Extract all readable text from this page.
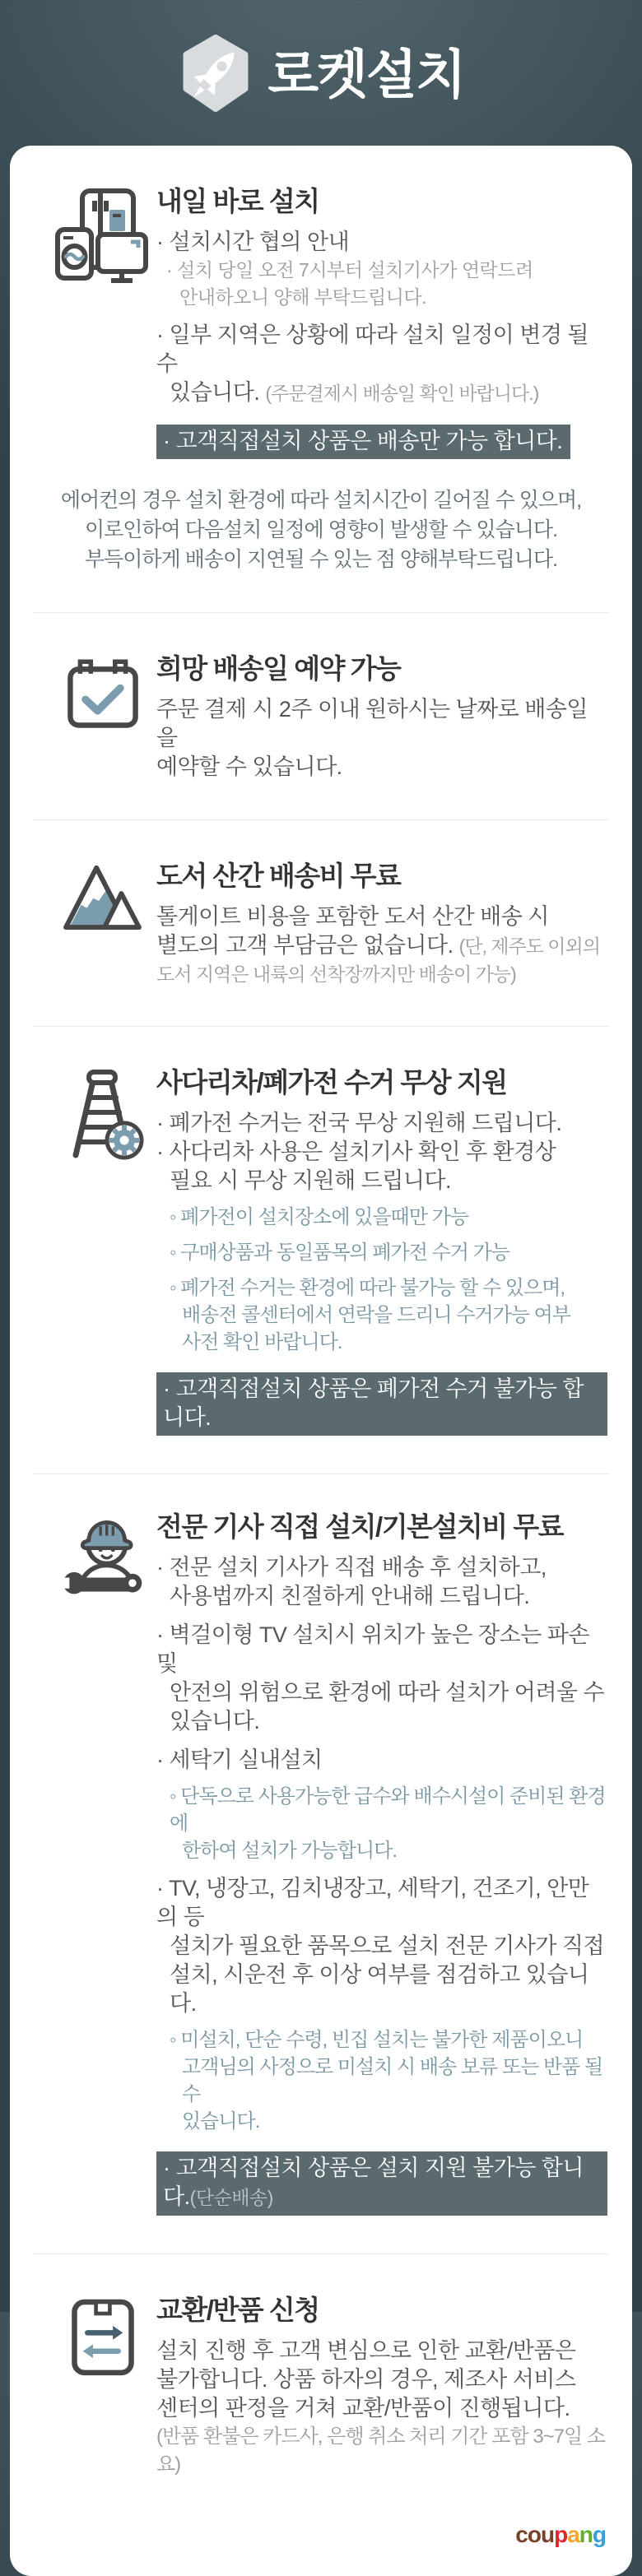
로켓설치
내일 바로 설치
· 설치시간 협의 안내
· 설치 당일 오전 7시부터 설치기사가 연락드려
안내하오니 양해 부탁드립니다.
· 일부 지역은 상황에 따라 설치 일정이 변경 될 수
있습니다. (주문결제시 배송일 확인 바랍니다.)
· 고객직접설치 상품은 배송만 가능 합니다.
에어컨의 경우 설치 환경에 따라 설치시간이 길어질 수 있으며,
이로인하여 다음설치 일정에 영향이 발생할 수 있습니다.
부득이하게 배송이 지연될 수 있는 점 양해부탁드립니다.
희망 배송일 예약 가능
주문 결제 시 2주 이내 원하시는 날짜로 배송일을
예약할 수 있습니다.
도서 산간 배송비 무료
톨게이트 비용을 포함한 도서 산간 배송 시
별도의 고객 부담금은 없습니다. (단, 제주도 이외의
도서 지역은 내륙의 선착장까지만 배송이 가능)
사다리차/폐가전 수거 무상 지원
· 폐가전 수거는 전국 무상 지원해 드립니다.
· 사다리차 사용은 설치기사 확인 후 환경상
필요 시 무상 지원해 드립니다.
◦ 폐가전이 설치장소에 있을때만 가능
◦ 구매상품과 동일품목의 폐가전 수거 가능
◦ 폐가전 수거는 환경에 따라 불가능 할 수 있으며,
배송전 콜센터에서 연락을 드리니 수거가능 여부
사전 확인 바랍니다.
· 고객직접설치 상품은 폐가전 수거 불가능 합니다.
전문 기사 직접 설치/기본설치비 무료
· 전문 설치 기사가 직접 배송 후 설치하고,
사용법까지 친절하게 안내해 드립니다.
· 벽걸이형 TV 설치시 위치가 높은 장소는 파손 및
안전의 위험으로 환경에 따라 설치가 어려울 수
있습니다.
· 세탁기 실내설치
◦ 단독으로 사용가능한 급수와 배수시설이 준비된 환경에
한하여 설치가 가능합니다.
· TV, 냉장고, 김치냉장고, 세탁기, 건조기, 안만의 등
설치가 필요한 품목으로 설치 전문 기사가 직접
설치, 시운전 후 이상 여부를 점검하고 있습니다.
◦ 미설치, 단순 수령, 빈집 설치는 불가한 제품이오니
고객님의 사정으로 미설치 시 배송 보류 또는 반품 될 수
있습니다.
· 고객직접설치 상품은 설치 지원 불가능 합니다.(단순배송)
교환/반품 신청
설치 진행 후 고객 변심으로 인한 교환/반품은
불가합니다. 상품 하자의 경우, 제조사 서비스
센터의 판정을 거쳐 교환/반품이 진행됩니다.
(반품 환불은 카드사, 은행 취소 처리 기간 포함 3~7일 소요)
coupang
